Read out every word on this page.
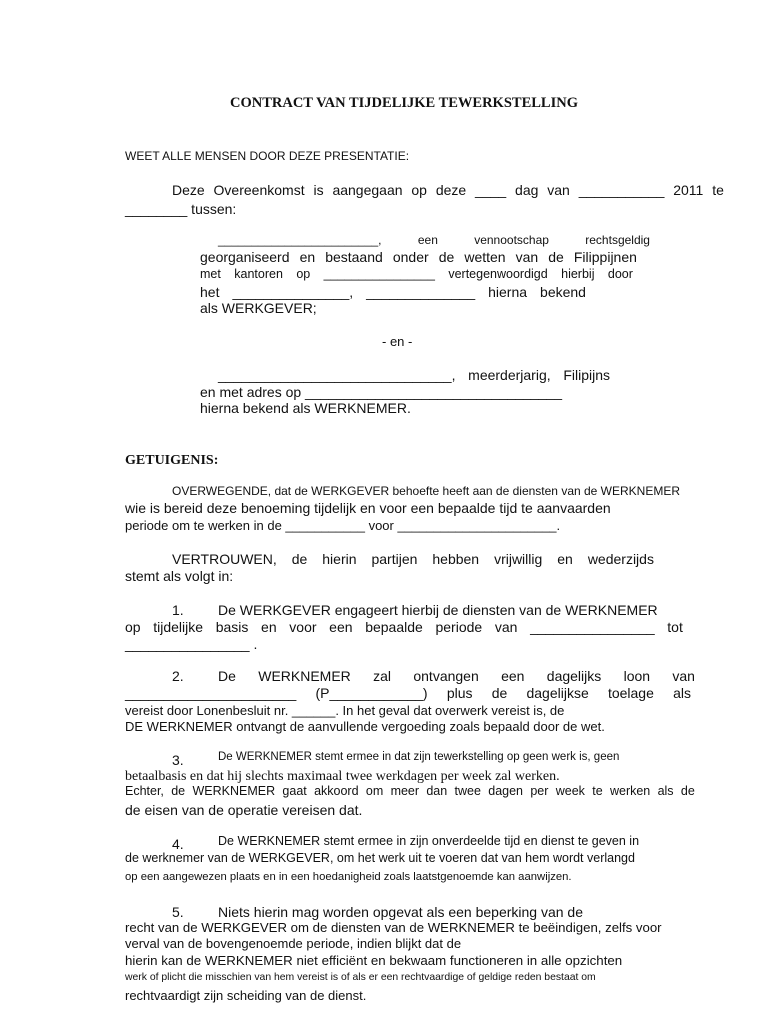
CONTRACT VAN TIJDELIJKE TEWERKSTELLING
WEET ALLE MENSEN DOOR DEZE PRESENTATIE:
Deze Overeenkomst is aangegaan op deze ____ dag van ___________ 2011 te
________ tussen:
________________________,	een	vennootschap	rechtsgeldig
georganiseerd en bestaand onder de wetten van de Filippijnen
met kantoren op ________________ vertegenwoordigd hierbij door
het _______________, ______________ hierna bekend
als WERKGEVER;
- en -
______________________________, meerderjarig, Filipijns
en met adres op _________________________________
hierna bekend als WERKNEMER.
GETUIGENIS:
OVERWEGENDE, dat de WERKGEVER behoefte heeft aan de diensten van de WERKNEMER
wie is bereid deze benoeming tijdelijk en voor een bepaalde tijd te aanvaarden
periode om te werken in de ___________ voor ______________________.
VERTROUWEN, de hierin partijen hebben vrijwillig en wederzijds
stemt als volgt in:
1. De WERKGEVER engageert hierbij de diensten van de WERKNEMER
op tijdelijke basis en voor een bepaalde periode van ________________ tot
________________ .
2. De WERKNEMER zal ontvangen een dagelijks loon van
______________________ (P____________) plus de dagelijkse toelage als
vereist door Lonenbesluit nr. ______. In het geval dat overwerk vereist is, de
DE WERKNEMER ontvangt de aanvullende vergoeding zoals bepaald door de wet.
3.	De WERKNEMER stemt ermee in dat zijn tewerkstelling op geen werk is, geen
betaalbasis en dat hij slechts maximaal twee werkdagen per week zal werken.
Echter, de WERKNEMER gaat akkoord om meer dan twee dagen per week te werken als de
de eisen van de operatie vereisen dat.
4.	De WERKNEMER stemt ermee in zijn onverdeelde tijd en dienst te geven in
de werknemer van de WERKGEVER, om het werk uit te voeren dat van hem wordt verlangd
op een aangewezen plaats en in een hoedanigheid zoals laatstgenoemde kan aanwijzen.
5. Niets hierin mag worden opgevat als een beperking van de
recht van de WERKGEVER om de diensten van de WERKNEMER te beëindigen, zelfs voor
verval van de bovengenoemde periode, indien blijkt dat de
hierin kan de WERKNEMER niet efficiënt en bekwaam functioneren in alle opzichten
werk of plicht die misschien van hem vereist is of als er een rechtvaardige of geldige reden bestaat om
rechtvaardigt zijn scheiding van de dienst.
